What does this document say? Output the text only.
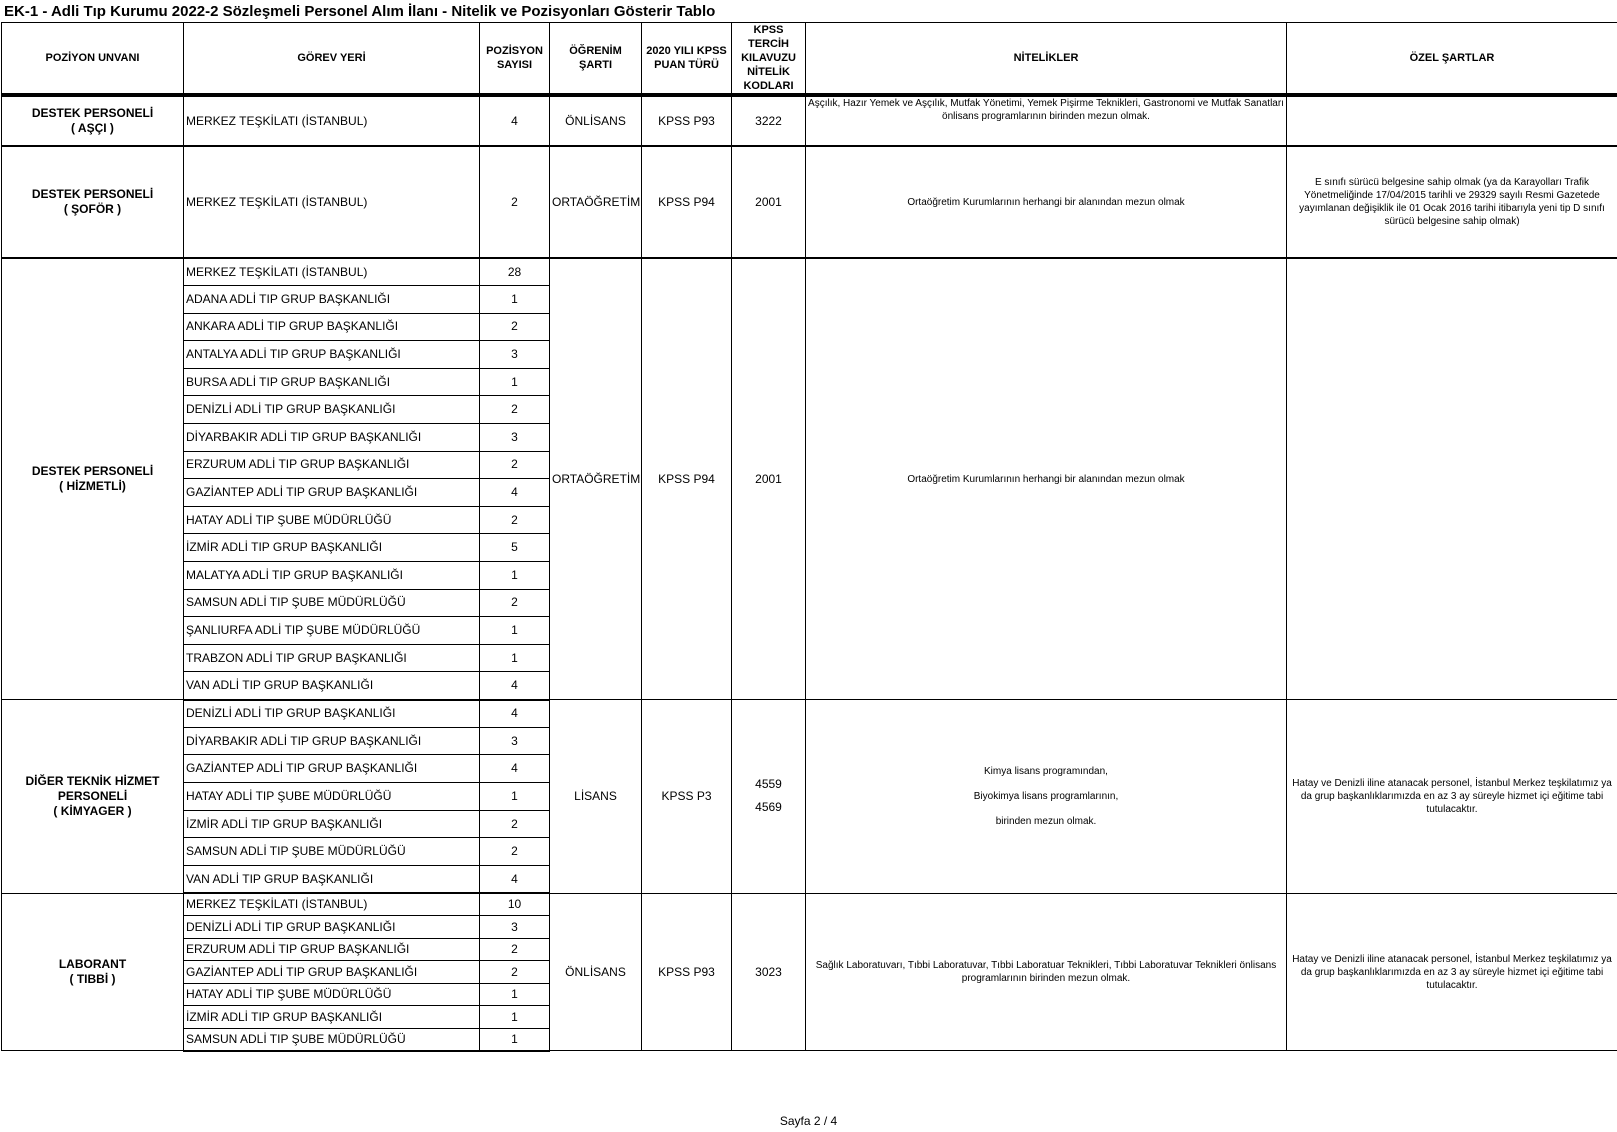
EK-1 - Adli Tıp Kurumu 2022-2 Sözleşmeli Personel Alım İlanı - Nitelik ve Pozisyonları Gösterir Tablo
POZİYON UNVANI	GÖREV YERİ	POZİSYON SAYISI	ÖĞRENİM ŞARTI	2020 YILI KPSS PUAN TÜRÜ	KPSS TERCİH KILAVUZU NİTELİK KODLARI	NİTELİKLER	ÖZEL ŞARTLAR

DESTEK PERSONELİ
( AŞÇI )	MERKEZ TEŞKİLATI (İSTANBUL)	4	ÖNLİSANS	KPSS P93	3222	Aşçılık, Hazır Yemek ve Aşçılık, Mutfak Yönetimi, Yemek Pişirme Teknikleri, Gastronomi ve Mutfak Sanatları önlisans programlarının birinden mezun olmak.	

DESTEK PERSONELİ
( ŞOFÖR )	MERKEZ TEŞKİLATI (İSTANBUL)	2	ORTAÖĞRETİM	KPSS P94	2001	Ortaöğretim Kurumlarının herhangi bir alanından mezun olmak	E sınıfı sürücü belgesine sahip olmak (ya da Karayolları Trafik Yönetmeliğinde 17/04/2015 tarihli ve 29329 sayılı Resmi Gazetede yayımlanan değişiklik ile 01 Ocak 2016 tarihi itibarıyla yeni tip D sınıfı sürücü belgesine sahip olmak)

DESTEK PERSONELİ
( HİZMETLİ)	MERKEZ TEŞKİLATI (İSTANBUL)	28	ORTAÖĞRETİM	KPSS P94	2001	Ortaöğretim Kurumlarının herhangi bir alanından mezun olmak	

	ADANA ADLİ TIP GRUP BAŞKANLIĞI	1					
	ANKARA ADLİ TIP GRUP BAŞKANLIĞI	2					
	ANTALYA ADLİ TIP GRUP BAŞKANLIĞI	3					
	BURSA ADLİ TIP GRUP BAŞKANLIĞI	1					
	DENİZLİ ADLİ TIP GRUP BAŞKANLIĞI	2					
	DİYARBAKIR ADLİ TIP GRUP BAŞKANLIĞI	3					
	ERZURUM ADLİ TIP GRUP BAŞKANLIĞI	2					
	GAZİANTEP ADLİ TIP GRUP BAŞKANLIĞI	4					
	HATAY ADLİ TIP ŞUBE MÜDÜRLÜĞÜ	2					
	İZMİR ADLİ TIP GRUP BAŞKANLIĞI	5					
	MALATYA ADLİ TIP GRUP BAŞKANLIĞI	1					
	SAMSUN ADLİ TIP ŞUBE MÜDÜRLÜĞÜ	2					
	ŞANLIURFA ADLİ TIP ŞUBE MÜDÜRLÜĞÜ	1					
	TRABZON ADLİ TIP GRUP BAŞKANLIĞI	1					
	VAN ADLİ TIP GRUP BAŞKANLIĞI	4					

DİĞER TEKNİK HİZMET
PERSONELİ
( KİMYAGER )	DENİZLİ ADLİ TIP GRUP BAŞKANLIĞI	4	LİSANS	KPSS P3	4559
4569	Kimya lisans programından,
Biyokimya lisans programlarının,
birinden mezun olmak.	Hatay ve Denizli iline atanacak personel, İstanbul Merkez teşkilatımız ya da grup başkanlıklarımızda en az 3 ay süreyle hizmet içi eğitime tabi tutulacaktır.
	DİYARBAKIR ADLİ TIP GRUP BAŞKANLIĞI	3					
	GAZİANTEP ADLİ TIP GRUP BAŞKANLIĞI	4					
	HATAY ADLİ TIP ŞUBE MÜDÜRLÜĞÜ	1					
	İZMİR ADLİ TIP GRUP BAŞKANLIĞI	2					
	SAMSUN ADLİ TIP ŞUBE MÜDÜRLÜĞÜ	2					
	VAN ADLİ TIP GRUP BAŞKANLIĞI	4					

LABORANT
( TIBBİ )	MERKEZ TEŞKİLATI (İSTANBUL)	10	ÖNLİSANS	KPSS P93	3023	Sağlık Laboratuvarı, Tıbbi Laboratuvar, Tıbbi Laboratuar Teknikleri, Tıbbi Laboratuvar Teknikleri önlisans programlarının birinden mezun olmak.	Hatay ve Denizli iline atanacak personel, İstanbul Merkez teşkilatımız ya da grup başkanlıklarımızda en az 3 ay süreyle hizmet içi eğitime tabi tutulacaktır.
	DENİZLİ ADLİ TIP GRUP BAŞKANLIĞI	3					
	ERZURUM ADLİ TIP GRUP BAŞKANLIĞI	2					
	GAZİANTEP ADLİ TIP GRUP BAŞKANLIĞI	2					
	HATAY ADLİ TIP ŞUBE MÜDÜRLÜĞÜ	1					
	İZMİR ADLİ TIP GRUP BAŞKANLIĞI	1					
	SAMSUN ADLİ TIP ŞUBE MÜDÜRLÜĞÜ	1					
Sayfa 2 / 4
